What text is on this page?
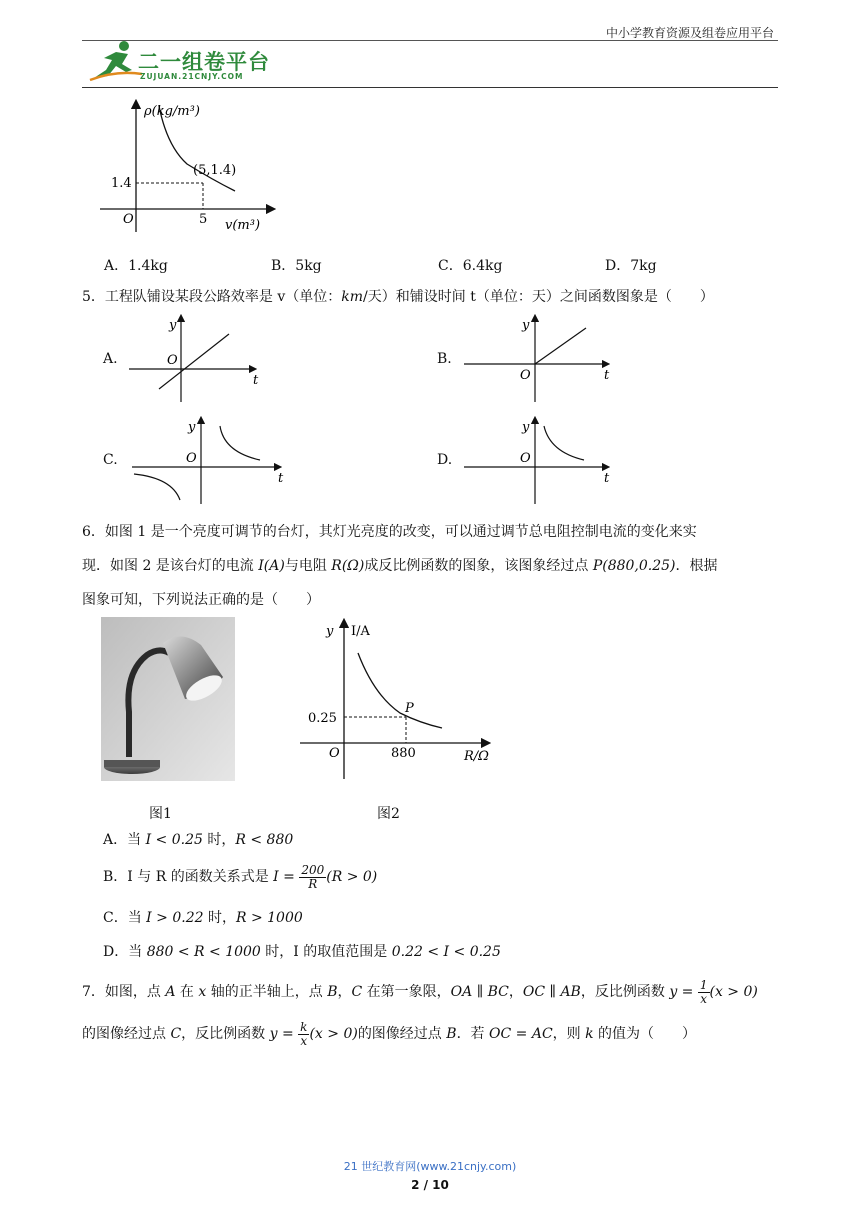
中小学教育资源及组卷应用平台
二一组卷平台
ZUJUAN.21CNJY.COM
ρ(kg/m³)
(5,1.4)
1.4
O	5 v(m³)
A．1.4kg	B．5kg	C．6.4kg	D．7kg
5．工程队铺设某段公路效率是 v（单位：km/天）和铺设时间 t（单位：天）之间函数图象是（　　）
A.
y
O
t
B.
y
O	t
C.
y
O
t
D.
y
O
t
6．如图 1 是一个亮度可调节的台灯，其灯光亮度的改变，可以通过调节总电阻控制电流的变化来实
现．如图 2 是该台灯的电流 I(A)与电阻 R(Ω)成反比例函数的图象，该图象经过点 P(880,0.25)．根据
图象可知，下列说法正确的是（　　）
图1
y I/A
P
0.25
O	880	R/Ω
图2
A．当 I < 0.25 时，R < 880
B．I 与 R 的函数关系式是 $I = \frac{200}{R} (R > 0)$
C．当 I > 0.22 时，R > 1000
D．当 880 < R < 1000 时，I 的取值范围是 0.22 < I < 0.25
7．如图，点 A 在 x 轴的正半轴上，点 B，C 在第一象限，OA ∥ BC，OC ∥ AB，反比例函数 $y = \frac{1}{x} (x > 0)$
的图像经过点 C，反比例函数 $y = \frac{k}{x} (x > 0)$的图像经过点 B．若 OC = AC，则 k 的值为（　　）
21 世纪教育网(www.21cnjy.com)
2 / 10
